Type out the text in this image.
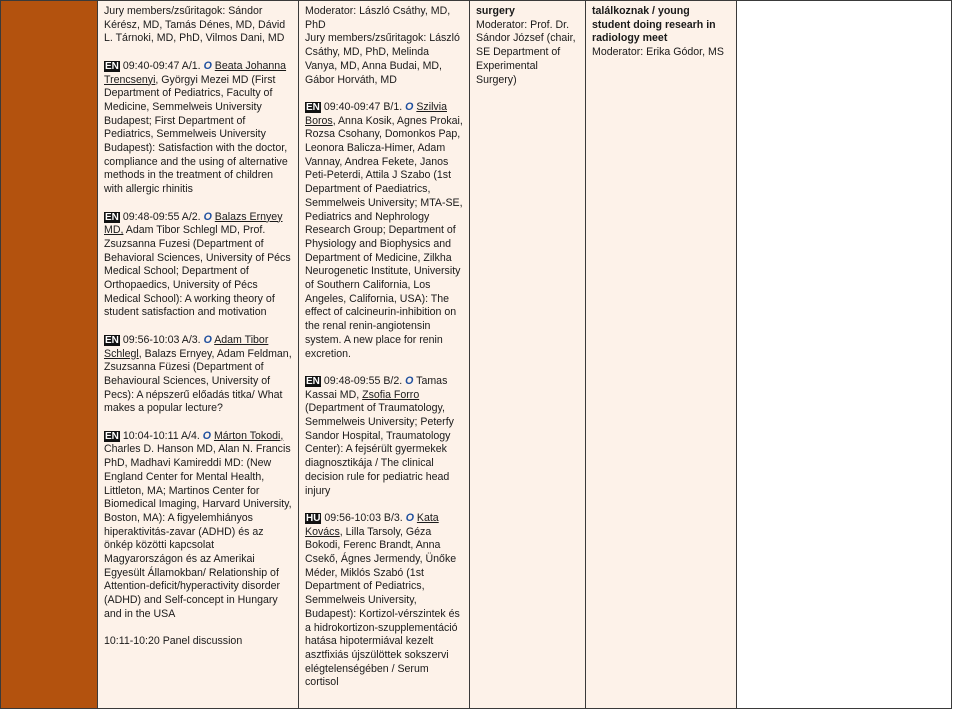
Jury members/zsűritagok: Sándor Kérész, MD, Tamás Dénes, MD, Dávid L. Tárnoki, MD, PhD, Vilmos Dani, MD
EN 09:40-09:47 A/1. O Beata Johanna Trencsenyi, Györgyi Mezei MD (First Department of Pediatrics, Faculty of Medicine, Semmelweis University Budapest; First Department of Pediatrics, Semmelweis University Budapest): Satisfaction with the doctor, compliance and the using of alternative methods in the treatment of children with allergic rhinitis
EN 09:48-09:55 A/2. O Balazs Ernyey MD, Adam Tibor Schlegl MD, Prof. Zsuzsanna Fuzesi (Department of Behavioral Sciences, University of Pécs Medical School; Department of Orthopaedics, University of Pécs Medical School): A working theory of student satisfaction and motivation
EN 09:56-10:03 A/3. O Adam Tibor Schlegl, Balazs Ernyey, Adam Feldman, Zsuzsanna Füzesi (Department of Behavioural Sciences, University of Pecs): A népszerű előadás titka/ What makes a popular lecture?
EN 10:04-10:11 A/4. O Márton Tokodi, Charles D. Hanson MD, Alan N. Francis PhD, Madhavi Kamireddi MD: (New England Center for Mental Health, Littleton, MA; Martinos Center for Biomedical Imaging, Harvard University, Boston, MA): A figyelemhiányos hiperaktivitás-zavar (ADHD) és az önkép közötti kapcsolat Magyarországon és az Amerikai Egyesült Államokban/ Relationship of Attention-deficit/hyperactivity disorder (ADHD) and Self-concept in Hungary and in the USA
10:11-10:20 Panel discussion

Moderator: László Csáthy, MD, PhD
Jury members/zsűritagok: László Csáthy, MD, PhD, Melinda Vanya, MD, Anna Budai, MD, Gábor Horváth, MD
EN 09:40-09:47 B/1. O Szilvia Boros, Anna Kosik, Agnes Prokai, Rozsa Csohany, Domonkos Pap, Leonora Balicza-Himer, Adam Vannay, Andrea Fekete, Janos Peti-Peterdi, Attila J Szabo (1st Department of Paediatrics, Semmelweis University; MTA-SE, Pediatrics and Nephrology Research Group; Department of Physiology and Biophysics and Department of Medicine, Zilkha Neurogenetic Institute, University of Southern California, Los Angeles, California, USA): The effect of calcineurin-inhibition on the renal renin-angiotensin system. A new place for renin excretion.
EN 09:48-09:55 B/2. O Tamas Kassai MD, Zsofia Forro (Department of Traumatology, Semmelweis University; Peterfy Sandor Hospital, Traumatology Center): A fejsérült gyermekek diagnosztikája / The clinical decision rule for pediatric head injury
HU 09:56-10:03 B/3. O Kata Kovács, Lilla Tarsoly, Géza Bokodi, Ferenc Brandt, Anna Csekő, Ágnes Jermendy, Ünőke Méder, Miklós Szabó (1st Department of Pediatrics, Semmelweis University, Budapest): Kortizol-vérszintek és a hidrokortizon-szupplementáció hatása hipotermiával kezelt asztfixiás újszülöttek sokszervi elégtelenségében / Serum cortisol

surgery
Moderator: Prof. Dr. Sándor József (chair, SE Department of Experimental Surgery)

találkoznak / young student doing researh in radiology meet
Moderator: Erika Gódor, MS
